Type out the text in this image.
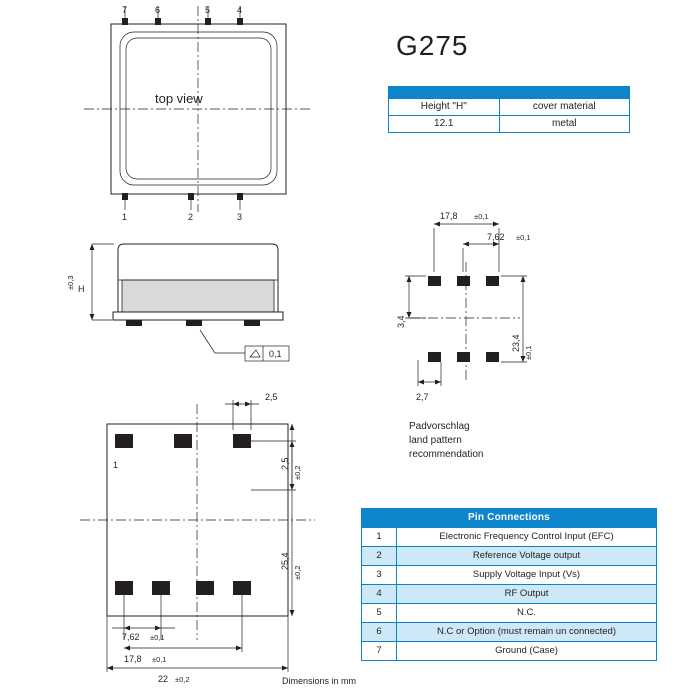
7	6	5	4
1	2	3
top view
H
±0,3
0,1
1
2,5
2,5
±0,2
25,4
±0,2
7,62 ±0,1
17,8 ±0,1
22 ±0,2
17,8 ±0,1
7,62 ±0,1
3,4
2,7
23,4
±0,1
G275

Height "H"	cover material
12.1	metal
Padvorschlag
land pattern
recommendation
Pin Connections	
1	Electronic Frequency Control Input (EFC)
2	Reference Voltage output
3	Supply Voltage Input (Vs)
4	RF Output
5	N.C.
6	N.C or Option (must remain un connected)
7	Ground (Case)
Dimensions in mm
